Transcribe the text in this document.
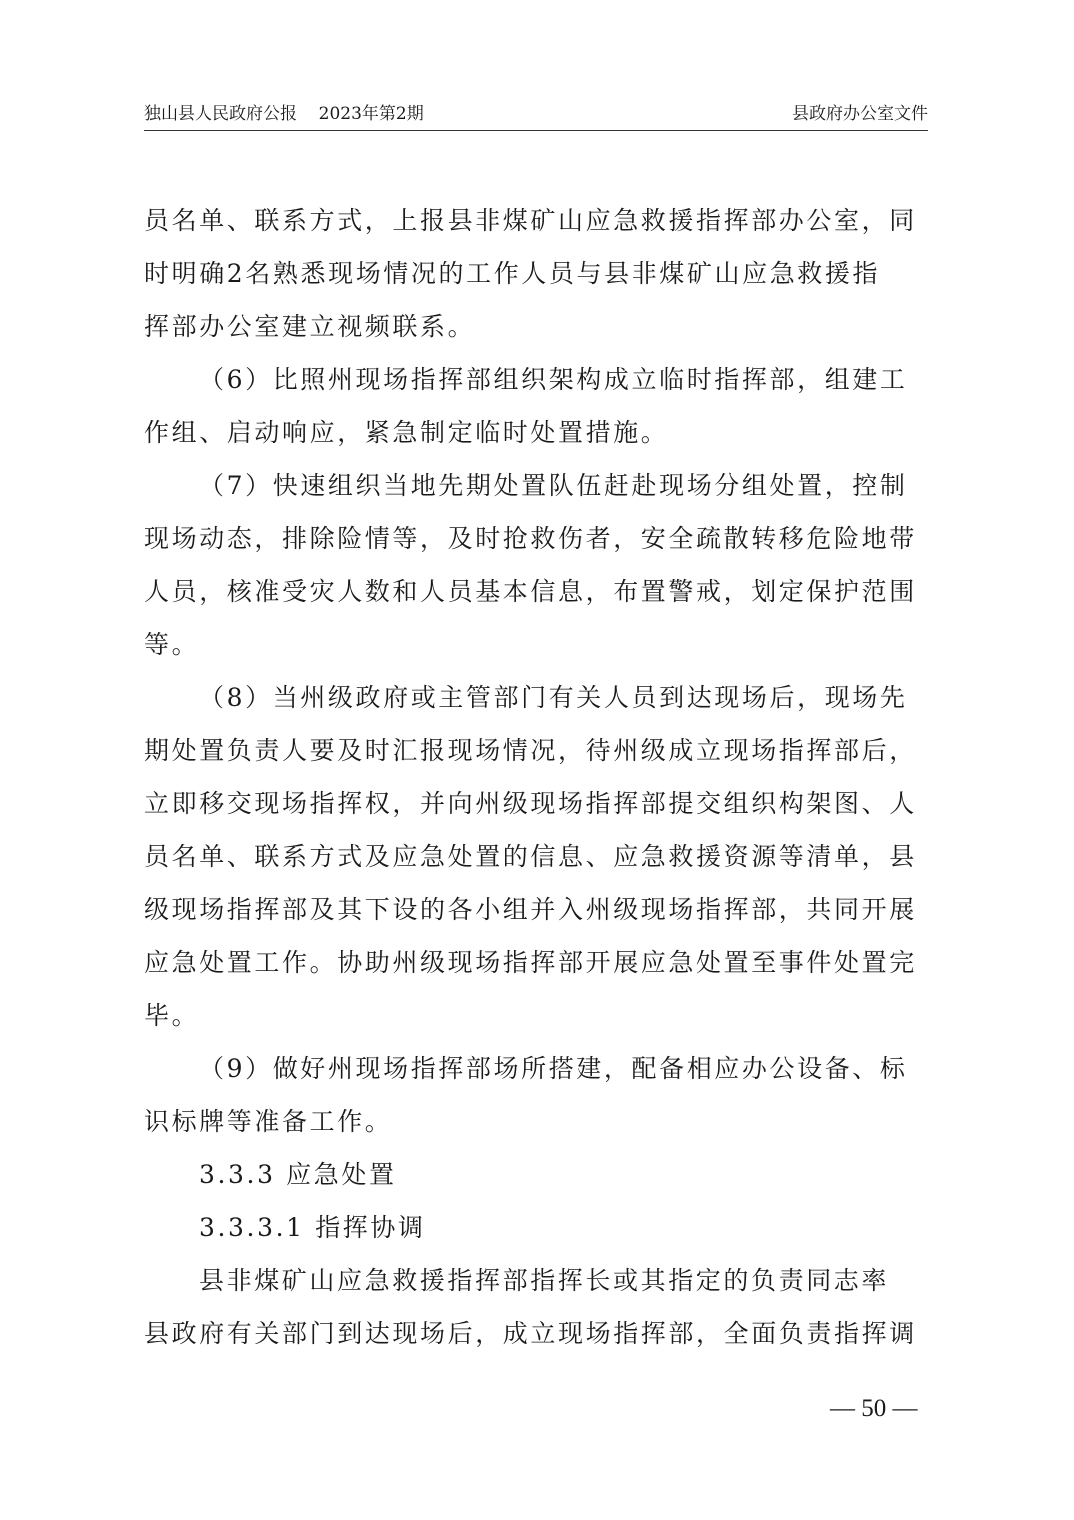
独山县人民政府公报 2023年第2期	县政府办公室文件
员名单、联系方式，上报县非煤矿山应急救援指挥部办公室，同
时明确2名熟悉现场情况的工作人员与县非煤矿山应急救援指
挥部办公室建立视频联系。
（6）比照州现场指挥部组织架构成立临时指挥部，组建工
作组、启动响应，紧急制定临时处置措施。
（7）快速组织当地先期处置队伍赶赴现场分组处置，控制
现场动态，排除险情等，及时抢救伤者，安全疏散转移危险地带
人员，核准受灾人数和人员基本信息，布置警戒，划定保护范围
等。
（8）当州级政府或主管部门有关人员到达现场后，现场先
期处置负责人要及时汇报现场情况，待州级成立现场指挥部后，
立即移交现场指挥权，并向州级现场指挥部提交组织构架图、人
员名单、联系方式及应急处置的信息、应急救援资源等清单，县
级现场指挥部及其下设的各小组并入州级现场指挥部，共同开展
应急处置工作。协助州级现场指挥部开展应急处置至事件处置完
毕。
（9）做好州现场指挥部场所搭建，配备相应办公设备、标
识标牌等准备工作。
3.3.3 应急处置
3.3.3.1 指挥协调
县非煤矿山应急救援指挥部指挥长或其指定的负责同志率
县政府有关部门到达现场后，成立现场指挥部，全面负责指挥调
— 50 —
